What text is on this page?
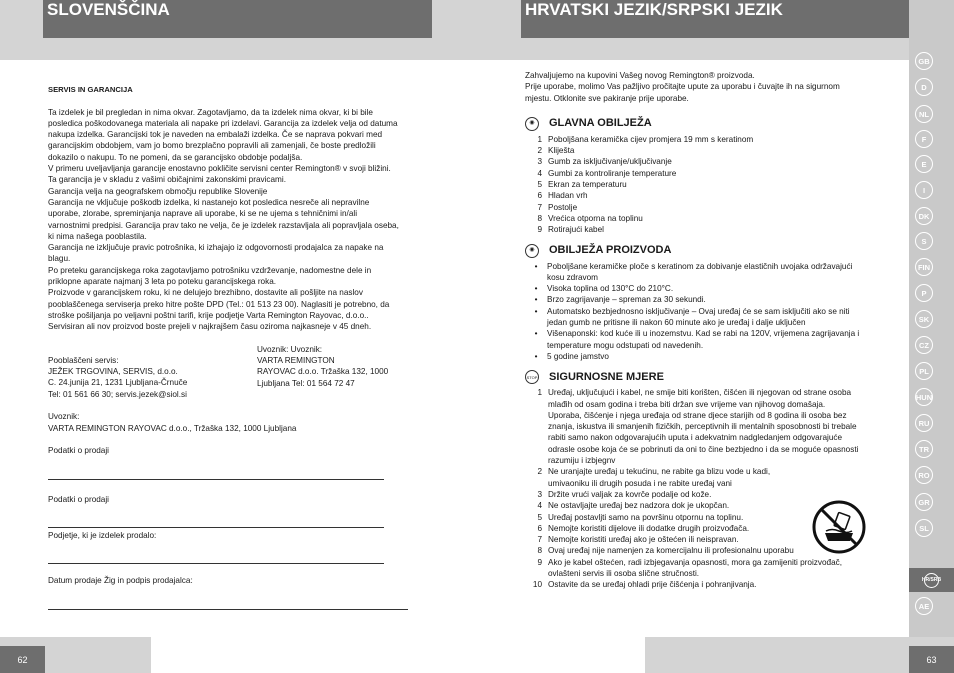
SLOVENŠČINA	HRVATSKI JEZIK/SRPSKI JEZIK

SERVIS IN GARANCIJA

Ta izdelek je bil pregledan in nima okvar. Zagotavljamo, da ta izdelek nima okvar, ki bi bile

posledica poškodovanega materiala ali napake pri izdelavi. Garancija za izdelek velja od datuma

nakupa izdelka. Garancijski tok je naveden na embalaži izdelka. Če se naprava pokvari med

garancijskim obdobjem, vam jo bomo brezplačno popravili ali zamenjali, če boste predložili

dokazilo o nakupu. To ne pomeni, da se garancijsko obdobje podaljša.

V primeru uveljavljanja garancije enostavno pokličite servisni center Remington® v svoji bližini.

Ta garancija je v skladu z vašimi običajnimi zakonskimi pravicami.

Garancija velja na geografskem območju republike Slovenije

Garancija ne vključuje poškodb izdelka, ki nastanejo kot posledica nesreče ali nepravilne

uporabe, zlorabe, spreminjanja naprave ali uporabe, ki se ne ujema s tehničnimi in/ali

varnostnimi predpisi. Garancija prav tako ne velja, če je izdelek razstavljala ali popravljala oseba,

ki nima našega pooblastila.

Garancija ne izključuje pravic potrošnika, ki izhajajo iz odgovornosti prodajalca za napake na

blagu.

Po preteku garancijskega roka zagotavljamo potrošniku vzdrževanje, nadomestne dele in

priklopne aparate najmanj 3 leta po poteku garancijskega roka.

Proizvode v garancijskem roku, ki ne delujejo brezhibno, dostavite ali pošljite na naslov

pooblaščenega serviserja preko hitre pošte DPD (Tel.: 01 513 23 00). Naglasiti je potrebno, da

stroške pošiljanja po veljavni poštni tarifi, krije podjetje Varta Remington Rayovac, d.o.o..

Servisiran ali nov proizvod boste prejeli v najkrajšem času oziroma najkasneje v 45 dneh.

Pooblaščeni servis:

JEŽEK TRGOVINA, SERVIS, d.o.o.

C. 24.junija 21, 1231 Ljubljana-Črnuče

Tel: 01 561 66 30; servis.jezek@siol.si

Uvoznik: Uvoznik:

VARTA REMINGTON

RAYOVAC d.o.o. Tržaška 132, 1000

Ljubljana Tel: 01 564 72 47

Uvoznik:

VARTA REMINGTON RAYOVAC d.o.o., Tržaška 132, 1000 Ljubljana

Podatki o prodaji

Podatki o prodaji

Podjetje, ki je izdelek prodalo:

Datum prodaje Žig in podpis prodajalca:

Zahvaljujemo na kupovini Vašeg novog Remington® proizvoda.

Prije uporabe, molimo Vas pažljivo pročitajte upute za uporabu i čuvajte ih na sigurnom

mjestu. Otklonite sve pakiranje prije uporabe.

◉	GLAVNA OBILJEŽA
1 Pobolјšana keramička cijev promjera 19 mm s keratinom
2 Kliješta
3 Gumb za isključivanje/uključivanje
4 Gumbi za kontroliranje temperature
5 Ekran za temperaturu
6 Hladan vrh
7 Postolje
8 Vrećica otporna na toplinu
9 Rotirajući kabel
◉	OBILJEŽA PROIZVODA
•	Poboljšane keramičke ploče s keratinom za dobivanje elastičnih uvojaka održavajući
kosu zdravom
•	Visoka toplina od 130°C do 210°C.
•	Brzo zagrijavanje – spreman za 30 sekundi.
•	Automatsko bezbjednosno isključivanje – Ovaj uređaj će se sam isključiti ako se niti
jedan gumb ne pritisne ili nakon 60 minute ako je uređaj i dalje uključen
•	Višenaponski: kod kuće ili u inozemstvu. Kad se rabi na 120V, vrijemena zagrijavanja i
temperature mogu odstupati od navedenih.
•	5 godine jamstvo
STOP SIGURNOSNE MJERE
1 Uređaj, uključujući i kabel, ne smije biti korišten, čišćen ili njegovan od strane osoba
mlađih od osam godina i treba biti držan sve vrijeme van njihovog domašaja.
Uporaba, čišćenje i njega uređaja od strane djece starijih od 8 godina ili osoba bez
znanja, iskustva ili smanjenih fizičkih, perceptivnih ili mentalnih sposobnosti bi trebale
rabiti samo nakon odgovarajućih uputa i adekvatnim nadgledanjem odgovarajuće
odrasle osobe koja će se pobrinuti da oni to čine bezbjedno i da se moguće opasnosti
razumiju i izbjegnv
2 Ne uranjajte uređaj u tekućinu, ne rabite ga blizu vode u kadi,
umivaoniku ili drugih posuda i ne rabite uređaj vani
3 Držite vrući valjak za kovrče podalje od kože.
4 Ne ostavljajte uređaj bez nadzora dok je ukopčan.
5 Uređaj postavljti samo na površinu otpornu na toplinu.
6 Nemojte koristiti dijelove ili dodatke drugih proizvođača.
7 Nemojte koristiti uređaj ako je oštećen ili neispravan.
8 Ovaj uređaj nije namenjen za komercijalnu ili profesionalnu uporabu
9 Ako je kabel oštećen, radi izbjegavanja opasnosti, mora ga zamijeniti proizvođač,
ovlašteni servis ili osoba slične stručnosti.
10 Ostavite da se uređaj ohladi prije čišćenja i pohranjivanja.
GB
D
NL
F
E
I
DK
S
FIN
P
SK
CZ
PL
HUN
RU
TR
RO
GR
SL
HR/SRB
AE
62	63
